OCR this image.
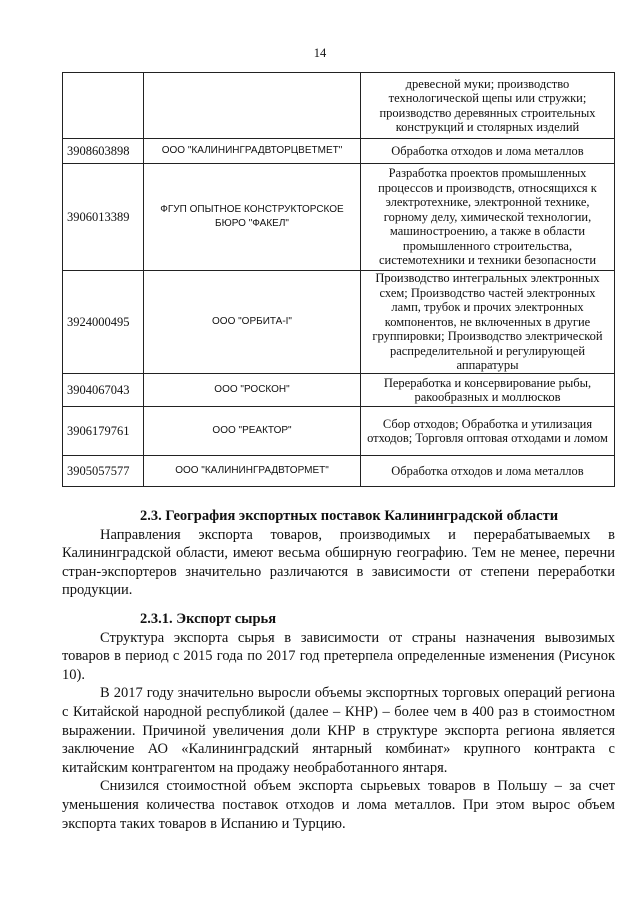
14
		древесной муки; производство технологической щепы или стружки; производство деревянных строительных конструкций и столярных изделий
3908603898	ООО "КАЛИНИНГРАДВТОРЦВЕТМЕТ"	Обработка отходов и лома металлов
3906013389	ФГУП ОПЫТНОЕ КОНСТРУКТОРСКОЕ БЮРО "ФАКЕЛ"	Разработка проектов промышленных процессов и производств, относящихся к электротехнике, электронной технике, горному делу, химической технологии, машиностроению, а также в области промышленного строительства, системотехники и техники безопасности
3924000495	ООО "ОРБИТА-I"	Производство интегральных электронных схем; Производство частей электронных ламп, трубок и прочих электронных компонентов, не включенных в другие группировки; Производство электрической распределительной и регулирующей аппаратуры
3904067043	ООО "РОСКОН"	Переработка и консервирование рыбы, ракообразных и моллюсков
3906179761	ООО "РЕАКТОР"	Сбор отходов; Обработка и утилизация отходов; Торговля оптовая отходами и ломом
3905057577	ООО "КАЛИНИНГРАДВТОРМЕТ"	Обработка отходов и лома металлов

2.3. География экспортных поставок Калининградской области

Направления экспорта товаров, производимых и перерабатываемых в Калининградской области, имеют весьма обширную географию. Тем не менее, перечни стран-экспортеров значительно различаются в зависимости от степени переработки продукции.

2.3.1. Экспорт сырья

Структура экспорта сырья в зависимости от страны назначения вывозимых товаров в период с 2015 года по 2017 год претерпела определенные изменения (Рисунок 10).

В 2017 году значительно выросли объемы экспортных торговых операций региона с Китайской народной республикой (далее – КНР) – более чем в 400 раз в стоимостном выражении. Причиной увеличения доли КНР в структуре экспорта региона является заключение АО «Калининградский янтарный комбинат» крупного контракта с китайским контрагентом на продажу необработанного янтаря.

Снизился стоимостной объем экспорта сырьевых товаров в Польшу – за счет уменьшения количества поставок отходов и лома металлов. При этом вырос объем экспорта таких товаров в Испанию и Турцию.
